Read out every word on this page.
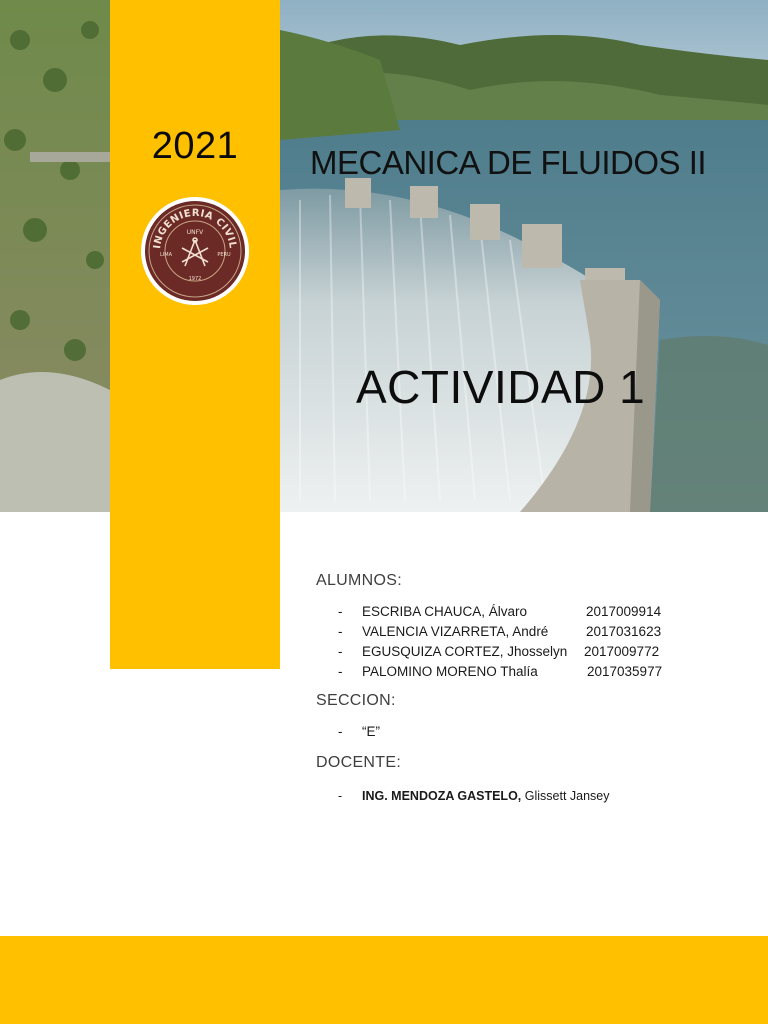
2021
INGENIERIA CIVIL
UNFV
LIMA	PERU
1972
MECANICA DE FLUIDOS II
ACTIVIDAD 1

ALUMNOS:

- ESCRIBA CHAUCA, Álvaro	2017009914
- VALENCIA VIZARRETA, André	2017031623
- EGUSQUIZA CORTEZ, Jhosselyn 2017009772
- PALOMINO MORENO Thalía	2017035977

SECCION:

- “E”

DOCENTE:

- ING. MENDOZA GASTELO, Glissett Jansey
